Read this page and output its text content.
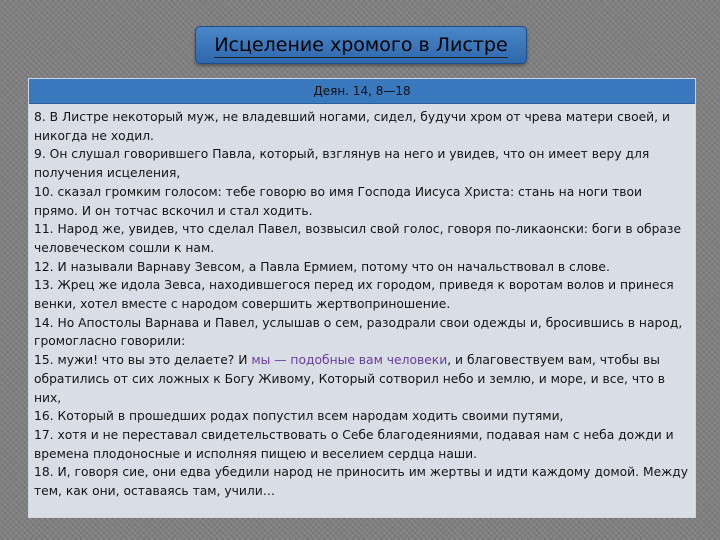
Исцеление хромого в Листре
Деян. 14, 8—18
8. В Листре некоторый муж, не владевший ногами, сидел, будучи хром от чрева матери своей, и никогда не ходил.
9. Он слушал говорившего Павла, который, взглянув на него и увидев, что он имеет веру для получения исцеления,
10. сказал громким голосом: тебе говорю во имя Господа Иисуса Христа: стань на ноги твои прямо. И он тотчас вскочил и стал ходить.
11. Народ же, увидев, что сделал Павел, возвысил свой голос, говоря по-ликаонски: боги в образе человеческом сошли к нам.
12. И называли Варнаву Зевсом, а Павла Ермием, потому что он начальствовал в слове.
13. Жрец же идола Зевса, находившегося перед их городом, приведя к воротам волов и принеся венки, хотел вместе с народом совершить жертвоприношение.
14. Но Апостолы Варнава и Павел, услышав о сем, разодрали свои одежды и, бросившись в народ, громогласно говорили:
15. мужи! что вы это делаете? И мы — подобные вам человеки, и благовествуем вам, чтобы вы обратились от сих ложных к Богу Живому, Который сотворил небо и землю, и море, и все, что в них,
16. Который в прошедших родах попустил всем народам ходить своими путями,
17. хотя и не переставал свидетельствовать о Себе благодеяниями, подавая нам с неба дожди и времена плодоносные и исполняя пищею и веселием сердца наши.
18. И, говоря сие, они едва убедили народ не приносить им жертвы и идти каждому домой. Между тем, как они, оставаясь там, учили…
